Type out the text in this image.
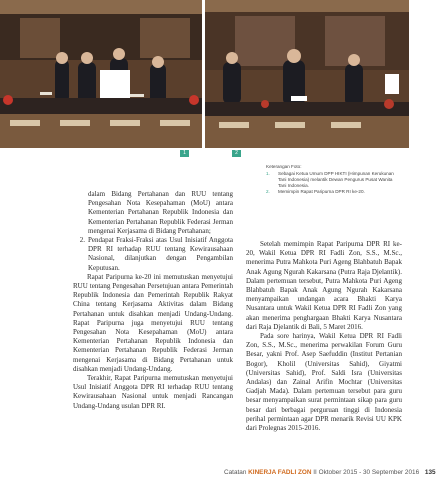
1	2
Keterangan Foto:
1.	Sebagai Ketua Umum DPP HIKTI (Himpunan Kerukunan Tani Indonesia) melantik Dewan Pengurus Pusat Wanita Tani Indonesia.
2.	Memimpin Rapat Paripurna DPR RI ke-20.

dalam Bidang Pertahanan dan RUU tentang Pengesahan Nota Kesepahaman (MoU) antara Kementerian Pertahanan Republik Indonesia dan Kementerian Pertahanan Republik Federasi Jerman mengenai Kerjasama di Bidang Pertahanan;

2. Pendapat Fraksi-Fraksi atas Usul Inisiatif Anggota DPR RI terhadap RUU tentang Kewirausahaan Nasional, dilanjutkan dengan Pengambilan Keputusan.

Rapat Paripurna ke-20 ini memutuskan menyetujui RUU tentang Pengesahan Persetujuan antara Pemerintah Republik Indonesia dan Pemerintah Republik Rakyat China tentang Kerjasama Aktivitas dalam Bidang Pertahanan untuk disahkan menjadi Undang-Undang. Rapat Paripurna juga menyetujui RUU tentang Pengesahan Nota Kesepahaman (MoU) antara Kementerian Pertahanan Republik Indonesia dan Kementerian Pertahanan Republik Federasi Jerman mengenai Kerjasama di Bidang Pertahanan untuk disahkan menjadi Undang-Undang.

Terakhir, Rapat Paripurna memutuskan menyetujui Usul Inisiatif Anggota DPR RI terhadap RUU tentang Kewirausahaan Nasional untuk menjadi Rancangan Undang-Undang usulan DPR RI.

Setelah memimpin Rapat Paripurna DPR RI ke-20, Wakil Ketua DPR RI Fadli Zon, S.S., M.Sc., menerima Putra Mahkota Puri Ageng Blahbatuh Bapak Anak Agung Ngurah Kakarsana (Putra Raja Djelantik). Dalam pertemuan tersebut, Putra Mahkota Puri Ageng Blahbatuh Bapak Anak Agung Ngurah Kakarsana menyampaikan undangan acara Bhakti Karya Nusantara untuk Wakil Ketua DPR RI Fadli Zon yang akan menerima penghargaan Bhakti Karya Nusantara dari Raja Djelantik di Bali, 5 Maret 2016.

Pada sore harinya, Wakil Ketua DPR RI Fadli Zon, S.S., M.Sc., menerima perwakilan Forum Guru Besar, yakni Prof. Asep Saefuddin (Institut Pertanian Bogor), Kholil (Universitas Sahid), Giyatmi (Universitas Sahid), Prof. Saldi Isra (Universitas Andalas) dan Zainal Arifin Mochtar (Universitas Gadjah Mada). Dalam pertemuan tersebut para guru besar menyampaikan surat permintaan sikap para guru besar dari berbagai perguruan tinggi di Indonesia perihal permintaan agar DPR menarik Revisi UU KPK dari Prolegnas 2015-2016.

Catatan KINERJA FADLI ZON II Oktober 2015 - 30 September 2016 135
